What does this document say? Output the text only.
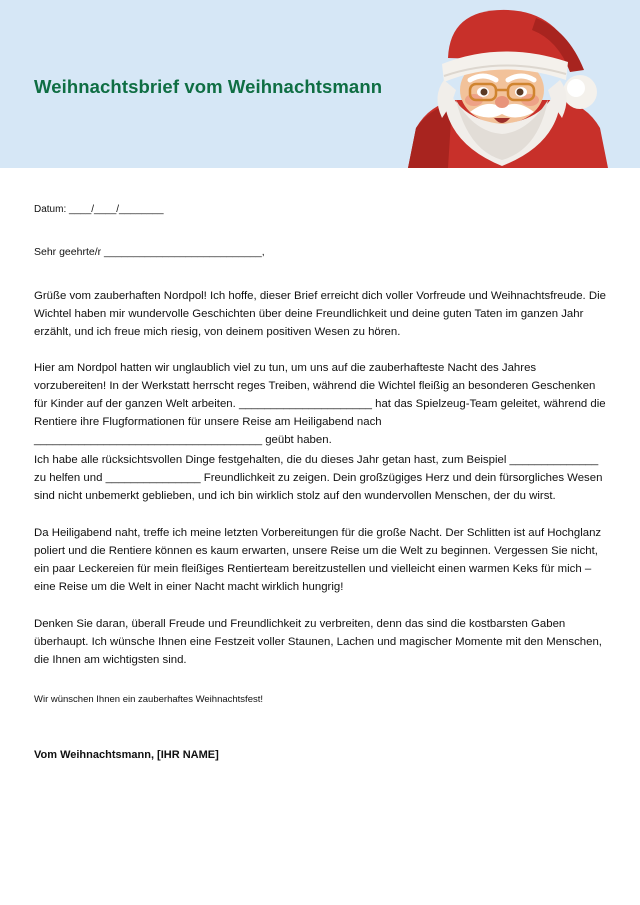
Weihnachtsbrief vom Weihnachtsmann
Datum: ____/____/________
Sehr geehrte/r ___________________________,

Grüße vom zauberhaften Nordpol! Ich hoffe, dieser Brief erreicht dich voller Vorfreude und Weihnachtsfreude. Die Wichtel haben mir wundervolle Geschichten über deine Freundlichkeit und deine guten Taten im ganzen Jahr erzählt, und ich freue mich riesig, von deinem positiven Wesen zu hören.

Hier am Nordpol hatten wir unglaublich viel zu tun, um uns auf die zauberhafteste Nacht des Jahres vorzubereiten! In der Werkstatt herrscht reges Treiben, während die Wichtel fleißig an besonderen Geschenken für Kinder auf der ganzen Welt arbeiten. _____________________ hat das Spielzeug-Team geleitet, während die Rentiere ihre Flugformationen für unsere Reise am Heiligabend nach ____________________________________ geübt haben.

Ich habe alle rücksichtsvollen Dinge festgehalten, die du dieses Jahr getan hast, zum Beispiel ______________ zu helfen und _______________ Freundlichkeit zu zeigen. Dein großzügiges Herz und dein fürsorgliches Wesen sind nicht unbemerkt geblieben, und ich bin wirklich stolz auf den wundervollen Menschen, der du wirst.

Da Heiligabend naht, treffe ich meine letzten Vorbereitungen für die große Nacht. Der Schlitten ist auf Hochglanz poliert und die Rentiere können es kaum erwarten, unsere Reise um die Welt zu beginnen. Vergessen Sie nicht, ein paar Leckereien für mein fleißiges Rentierteam bereitzustellen und vielleicht einen warmen Keks für mich – eine Reise um die Welt in einer Nacht macht wirklich hungrig!

Denken Sie daran, überall Freude und Freundlichkeit zu verbreiten, denn das sind die kostbarsten Gaben überhaupt. Ich wünsche Ihnen eine Festzeit voller Staunen, Lachen und magischer Momente mit den Menschen, die Ihnen am wichtigsten sind.

Wir wünschen Ihnen ein zauberhaftes Weihnachtsfest!
Vom Weihnachtsmann, [IHR NAME]
